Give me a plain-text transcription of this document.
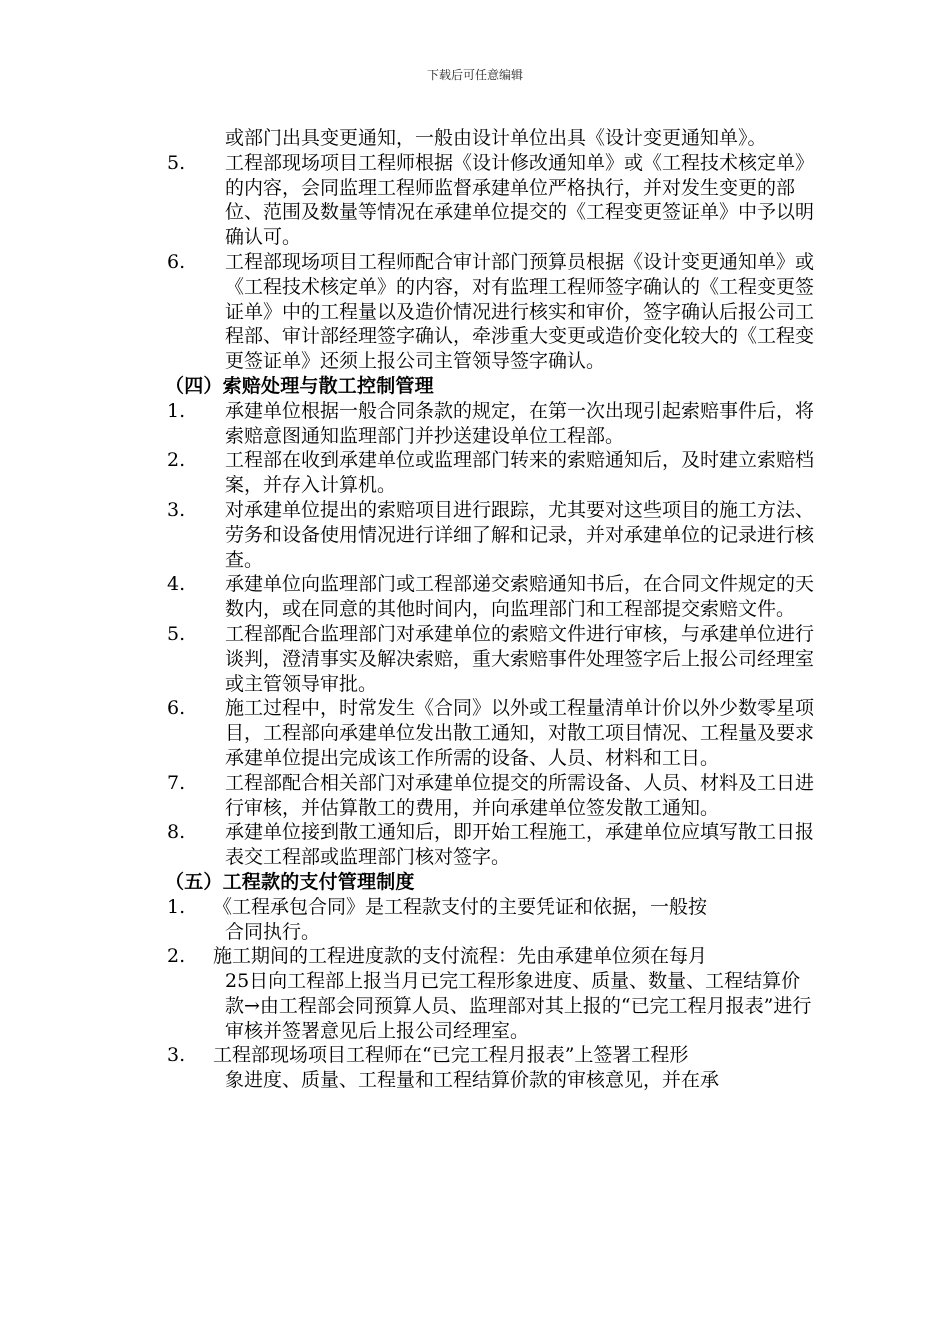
下载后可任意编辑
或部门出具变更通知，一般由设计单位出具《设计变更通知单》。
5. 工程部现场项目工程师根据《设计修改通知单》或《工程技术核定单》的内容，会同监理工程师监督承建单位严格执行，并对发生变更的部位、范围及数量等情况在承建单位提交的《工程变更签证单》中予以明确认可。
6. 工程部现场项目工程师配合审计部门预算员根据《设计变更通知单》或《工程技术核定单》的内容，对有监理工程师签字确认的《工程变更签证单》中的工程量以及造价情况进行核实和审价，签字确认后报公司工程部、审计部经理签字确认，牵涉重大变更或造价变化较大的《工程变更签证单》还须上报公司主管领导签字确认。
（四）索赔处理与散工控制管理
1. 承建单位根据一般合同条款的规定，在第一次出现引起索赔事件后，将索赔意图通知监理部门并抄送建设单位工程部。
2. 工程部在收到承建单位或监理部门转来的索赔通知后，及时建立索赔档案，并存入计算机。
3. 对承建单位提出的索赔项目进行跟踪，尤其要对这些项目的施工方法、劳务和设备使用情况进行详细了解和记录，并对承建单位的记录进行核查。
4. 承建单位向监理部门或工程部递交索赔通知书后，在合同文件规定的天数内，或在同意的其他时间内，向监理部门和工程部提交索赔文件。
5. 工程部配合监理部门对承建单位的索赔文件进行审核，与承建单位进行谈判，澄清事实及解决索赔，重大索赔事件处理签字后上报公司经理室或主管领导审批。
6. 施工过程中，时常发生《合同》以外或工程量清单计价以外少数零星项目，工程部向承建单位发出散工通知，对散工项目情况、工程量及要求承建单位提出完成该工作所需的设备、人员、材料和工日。
7. 工程部配合相关部门对承建单位提交的所需设备、人员、材料及工日进行审核，并估算散工的费用，并向承建单位签发散工通知。
8. 承建单位接到散工通知后，即开始工程施工，承建单位应填写散工日报表交工程部或监理部门核对签字。
（五）工程款的支付管理制度
1. 《工程承包合同》是工程款支付的主要凭证和依据，一般按
合同执行。
2. 施工期间的工程进度款的支付流程：先由承建单位须在每月
25日向工程部上报当月已完工程形象进度、质量、数量、工程结算价款→由工程部会同预算人员、监理部对其上报的“已完工程月报表”进行审核并签署意见后上报公司经理室。
3. 工程部现场项目工程师在“已完工程月报表”上签署工程形
象进度、质量、工程量和工程结算价款的审核意见，并在承
